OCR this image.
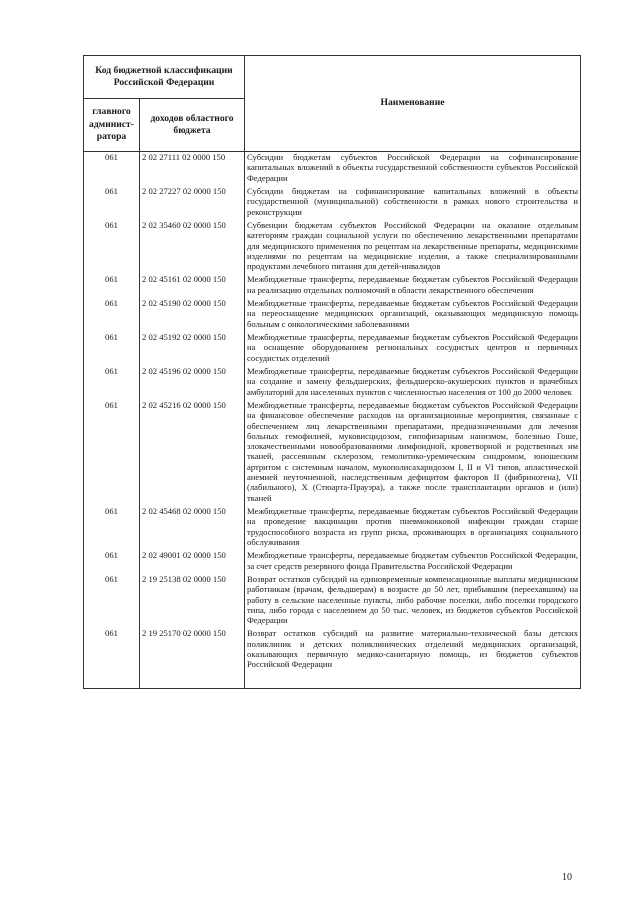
Код бюджетной классификации Российской Федерации		Наименование
главного админист-ратора	доходов областного бюджета	
061	2 02 27111 02 0000 150	Субсидии бюджетам субъектов Российской Федерации на софинансирование капитальных вложений в объекты государственной собственности субъектов Российской Федерации
061	2 02 27227 02 0000 150	Субсидии бюджетам на софинансирование капитальных вложений в объекты государственной (муниципальной) собственности в рамках нового строительства и реконструкции
061	2 02 35460 02 0000 150	Субвенции бюджетам субъектов Российской Федерации на оказание отдельным категориям граждан социальной услуги по обеспечению лекарственными препаратами для медицинского применения по рецептам на лекарственные препараты, медицинскими изделиями по рецептам на медицинские изделия, а также специализированными продуктами лечебного питания для детей-инвалидов
061	2 02 45161 02 0000 150	Межбюджетные трансферты, передаваемые бюджетам субъектов Российской Федерации на реализацию отдельных полномочий в области лекарственного обеспечения
061	2 02 45190 02 0000 150	Межбюджетные трансферты, передаваемые бюджетам субъектов Российской Федерации на переоснащение медицинских организаций, оказывающих медицинскую помощь больным с онкологическими заболеваниями
061	2 02 45192 02 0000 150	Межбюджетные трансферты, передаваемые бюджетам субъектов Российской Федерации на оснащение оборудованием региональных сосудистых центров и первичных сосудистых отделений
061	2 02 45196 02 0000 150	Межбюджетные трансферты, передаваемые бюджетам субъектов Российской Федерации на создание и замену фельдшерских, фельдшерско-акушерских пунктов и врачебных амбулаторий для населенных пунктов с численностью населения от 100 до 2000 человек
061	2 02 45216 02 0000 150	Межбюджетные трансферты, передаваемые бюджетам субъектов Российской Федерации на финансовое обеспечение расходов на организационные мероприятия, связанные с обеспечением лиц лекарственными препаратами, предназначенными для лечения больных гемофилией, муковисцидозом, гипофизарным нанизмом, болезнью Гоше, злокачественными новообразованиями лимфоидной, кроветворной и родственных им тканей, рассеянным склерозом, гемолитико-уремическим синдромом, юношеским артритом с системным началом, мукополисахаридозом I, II и VI типов, апластической анемией неуточненной, наследственным дефицитом факторов II (фибриногена), VII (лабильного), X (Стюарта-Прауэра), а также после трансплантации органов и (или) тканей
061	2 02 45468 02 0000 150	Межбюджетные трансферты, передаваемые бюджетам субъектов Российской Федерации на проведение вакцинации против пневмококковой инфекции граждан старше трудоспособного возраста из групп риска, проживающих в организациях социального обслуживания
061	2 02 49001 02 0000 150	Межбюджетные трансферты, передаваемые бюджетам субъектов Российской Федерации, за счет средств резервного фонда Правительства Российской Федерации
061	2 19 25138 02 0000 150	Возврат остатков субсидий на единовременные компенсационные выплаты медицинским работникам (врачам, фельдшерам) в возрасте до 50 лет, прибывшим (переехавшим) на работу в сельские населенные пункты, либо рабочие поселки, либо поселки городского типа, либо города с населением до 50 тыс. человек, из бюджетов субъектов Российской Федерации
061	2 19 25170 02 0000 150	Возврат остатков субсидий на развитие материально-технической базы детских поликлиник и детских поликлинических отделений медицинских организаций, оказывающих первичную медико-санитарную помощь, из бюджетов субъектов Российской Федерации
10
